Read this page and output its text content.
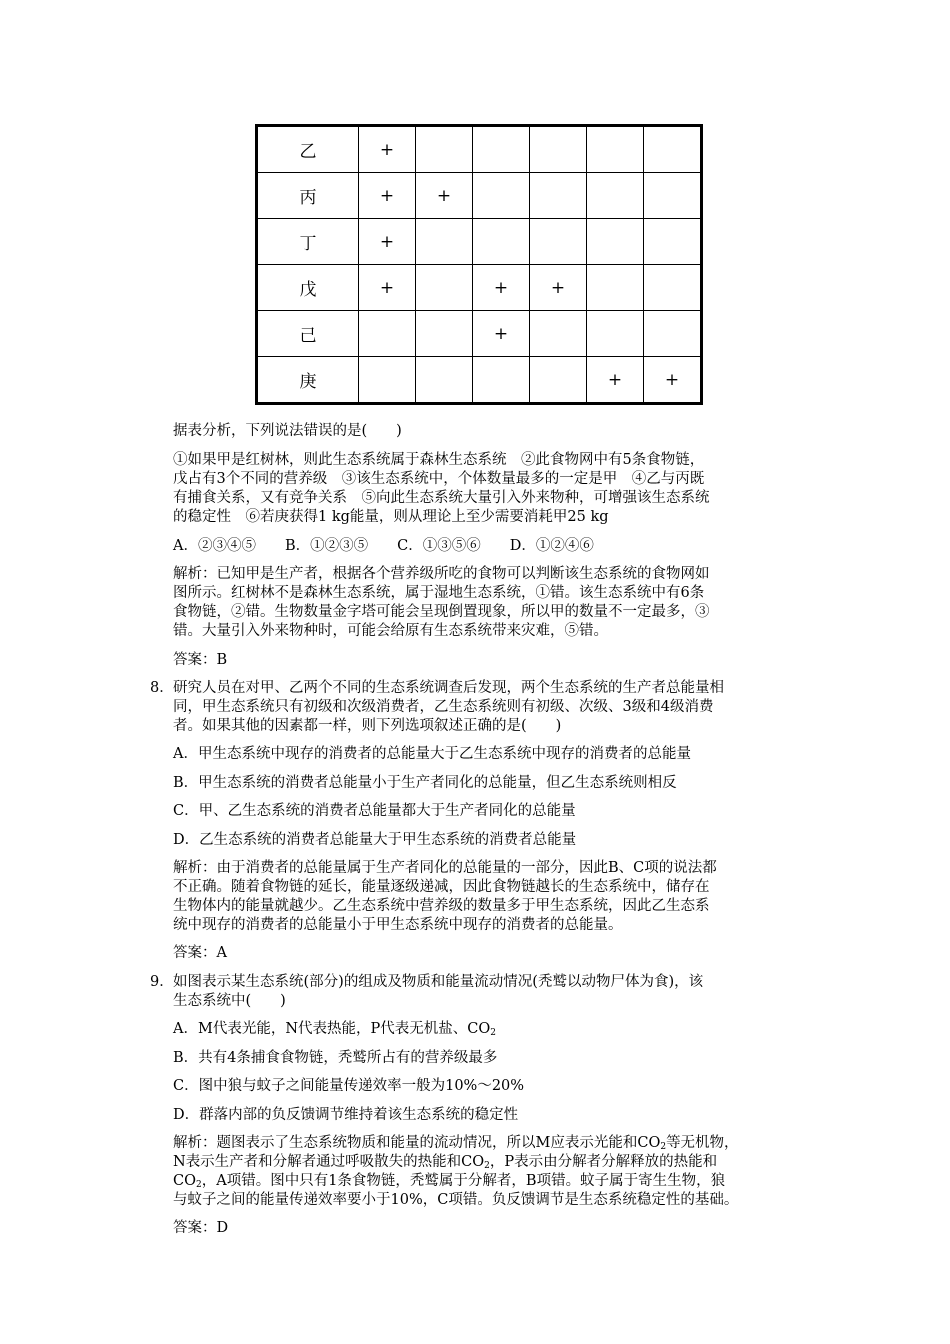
乙	+					
丙	+	+				
丁	+					
戊	+		+	+		
己			+			
庚					+	+

据表分析，下列说法错误的是(　　)

①如果甲是红树林，则此生态系统属于森林生态系统　②此食物网中有5条食物链，

戊占有3个不同的营养级　③该生态系统中，个体数量最多的一定是甲　④乙与丙既

有捕食关系，又有竞争关系　⑤向此生态系统大量引入外来物种，可增强该生态系统

的稳定性　⑥若庚获得1 kg能量，则从理论上至少需要消耗甲25 kg

A．②③④⑤　　B．①②③⑤　　C．①③⑤⑥　　D．①②④⑥

解析：已知甲是生产者，根据各个营养级所吃的食物可以判断该生态系统的食物网如

图所示。红树林不是森林生态系统，属于湿地生态系统，①错。该生态系统中有6条

食物链，②错。生物数量金字塔可能会呈现倒置现象，所以甲的数量不一定最多，③

错。大量引入外来物种时，可能会给原有生态系统带来灾难，⑤错。

答案：B

8． 研究人员在对甲、乙两个不同的生态系统调查后发现，两个生态系统的生产者总能量相

同，甲生态系统只有初级和次级消费者，乙生态系统则有初级、次级、3级和4级消费

者。如果其他的因素都一样，则下列选项叙述正确的是(　　)

A．甲生态系统中现存的消费者的总能量大于乙生态系统中现存的消费者的总能量

B．甲生态系统的消费者总能量小于生产者同化的总能量，但乙生态系统则相反

C．甲、乙生态系统的消费者总能量都大于生产者同化的总能量

D．乙生态系统的消费者总能量大于甲生态系统的消费者总能量

解析：由于消费者的总能量属于生产者同化的总能量的一部分，因此B、C项的说法都

不正确。随着食物链的延长，能量逐级递减，因此食物链越长的生态系统中，储存在

生物体内的能量就越少。乙生态系统中营养级的数量多于甲生态系统，因此乙生态系

统中现存的消费者的总能量小于甲生态系统中现存的消费者的总能量。

答案：A

9． 如图表示某生态系统(部分)的组成及物质和能量流动情况(秃鹫以动物尸体为食)，该

生态系统中(　　)

A．M代表光能，N代表热能，P代表无机盐、$CO_2$

B．共有4条捕食食物链，秃鹫所占有的营养级最多

C．图中狼与蚊子之间能量传递效率一般为10%～20%

D．群落内部的负反馈调节维持着该生态系统的稳定性

解析：题图表示了生态系统物质和能量的流动情况，所以M应表示光能和$CO_2$等无机物，

N表示生产者和分解者通过呼吸散失的热能和$CO_2$，P表示由分解者分解释放的热能和

$CO_2$，A项错。图中只有1条食物链，秃鹫属于分解者，B项错。蚊子属于寄生生物，狼

与蚊子之间的能量传递效率要小于10%，C项错。负反馈调节是生态系统稳定性的基础。

答案：D
